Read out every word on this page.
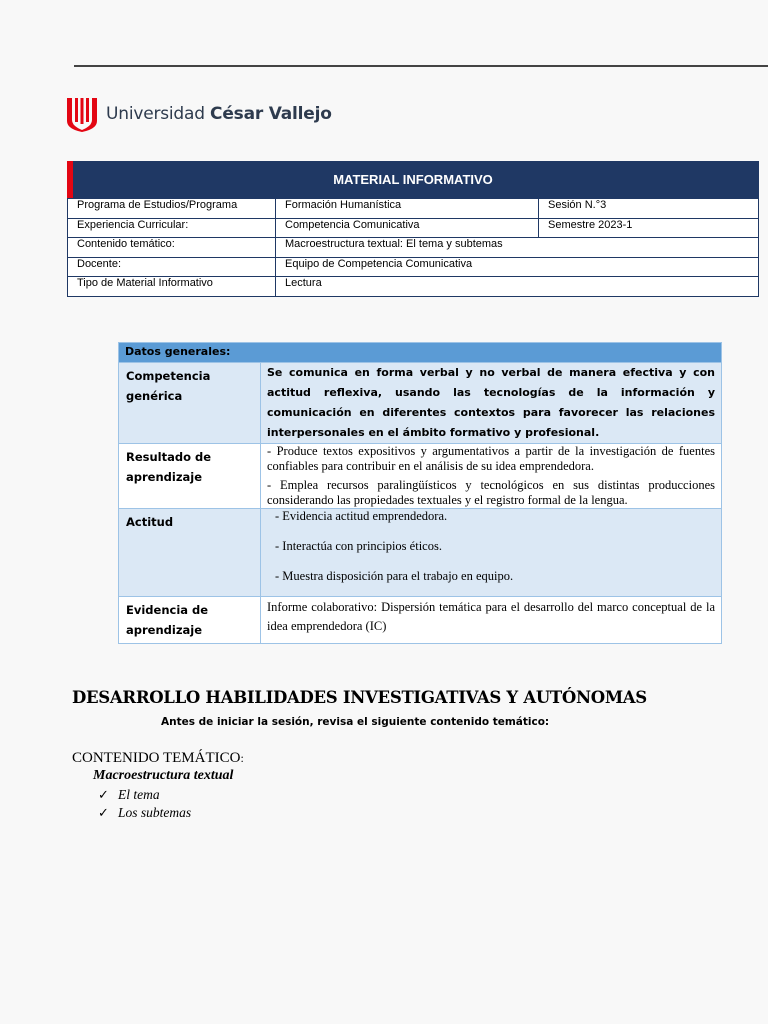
Universidad César Vallejo
MATERIAL INFORMATIVO
Programa de Estudios/Programa	Formación Humanística	Sesión N.°3
Experiencia Curricular:	Competencia Comunicativa	Semestre 2023-1
Contenido temático:	Macroestructura textual: El tema y subtemas	
Docente:	Equipo de Competencia Comunicativa	
Tipo de Material Informativo	Lectura	
Datos generales:	
Competencia genérica	Se comunica en forma verbal y no verbal de manera efectiva y con actitud reflexiva, usando las tecnologías de la información y comunicación en diferentes contextos para favorecer las relaciones interpersonales en el ámbito formativo y profesional.

Resultado de aprendizaje	- Produce textos expositivos y argumentativos a partir de la investigación de fuentes confiables para contribuir en el análisis de su idea emprendedora.

- Emplea recursos paralingüísticos y tecnológicos en sus distintas producciones considerando las propiedades textuales y el registro formal de la lengua.

Actitud	- Evidencia actitud emprendedora.

- Interactúa con principios éticos.

- Muestra disposición para el trabajo en equipo.

Evidencia de aprendizaje	Informe colaborativo: Dispersión temática para el desarrollo del marco conceptual de la idea emprendedora (IC)
DESARROLLO HABILIDADES INVESTIGATIVAS Y AUTÓNOMAS
Antes de iniciar la sesión, revisa el siguiente contenido temático:
CONTENIDO TEMÁTICO:
Macroestructura textual
✓ El tema
✓ Los subtemas
